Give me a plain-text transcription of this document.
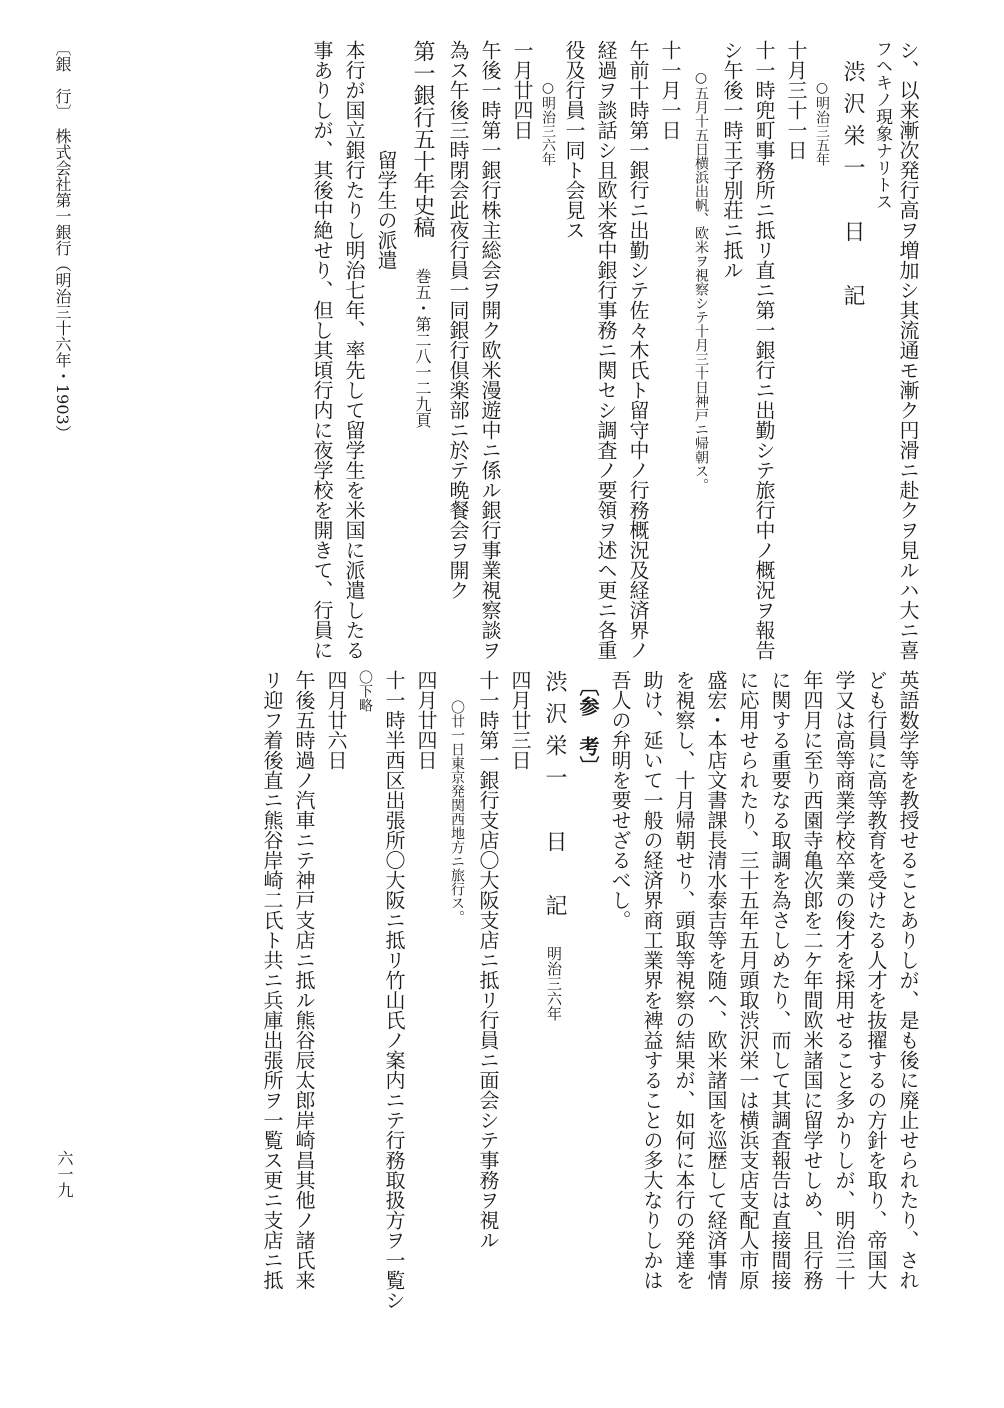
シ、以来漸次発行高ヲ増加シ其流通モ漸ク円滑ニ赴クヲ見ルハ大ニ喜
フヘキノ現象ナリトス
渋沢栄一　日　記
○明治三五年
十月三十一日
十一時兜町事務所ニ抵リ直ニ第一銀行ニ出勤シテ旅行中ノ概況ヲ報告
シ午後一時王子別荘ニ抵ル
○五月十五日横浜出帆、欧米ヲ視察シテ十月三十日神戸ニ帰朝ス。
十一月一日
午前十時第一銀行ニ出勤シテ佐々木氏ト留守中ノ行務概況及経済界ノ
経過ヲ談話シ且欧米客中銀行事務ニ関セシ調査ノ要領ヲ述ヘ更ニ各重
役及行員一同ト会見ス
○明治三六年
一月廿四日
午後一時第一銀行株主総会ヲ開ク欧米漫遊中ニ係ル銀行事業視察談ヲ
為ス午後三時閉会此夜行員一同銀行倶楽部ニ於テ晩餐会ヲ開ク
第一銀行五十年史稿巻五・第二八一二九頁
留学生の派遣
本行が国立銀行たりし明治七年、率先して留学生を米国に派遣したる
事ありしが、其後中絶せり、但し其頃行内に夜学校を開きて、行員に
〔銀　行〕　株式会社第一銀行（明治三十六年・1903）
英語数学等を教授せることありしが、是も後に廃止せられたり、され
ども行員に高等教育を受けたる人才を抜擢するの方針を取り、帝国大
学又は高等商業学校卒業の俊才を採用せること多かりしが、明治三十
年四月に至り西園寺亀次郎を二ケ年間欧米諸国に留学せしめ、且行務
に関する重要なる取調を為さしめたり、而して其調査報告は直接間接
に応用せられたり、三十五年五月頭取渋沢栄一は横浜支店支配人市原
盛宏・本店文書課長清水泰吉等を随へ、欧米諸国を巡歴して経済事情
を視察し、十月帰朝せり、頭取等視察の結果が、如何に本行の発達を
助け、延いて一般の経済界商工業界を裨益することの多大なりしかは
吾人の弁明を要せざるべし。
〔参　考〕
渋沢栄一　日　記明治三六年
四月廿三日
十一時第一銀行支店〇大阪支店ニ抵リ行員ニ面会シテ事務ヲ視ル
〇廿一日東京発関西地方ニ旅行ス。
四月廿四日
十一時半西区出張所〇大阪ニ抵リ竹山氏ノ案内ニテ行務取扱方ヲ一覧シ
〇下略
四月廿六日
午後五時過ノ汽車ニテ神戸支店ニ抵ル熊谷辰太郎岸崎昌其他ノ諸氏来
リ迎フ着後直ニ熊谷岸崎二氏ト共ニ兵庫出張所ヲ一覧ス更ニ支店ニ抵
六一九
